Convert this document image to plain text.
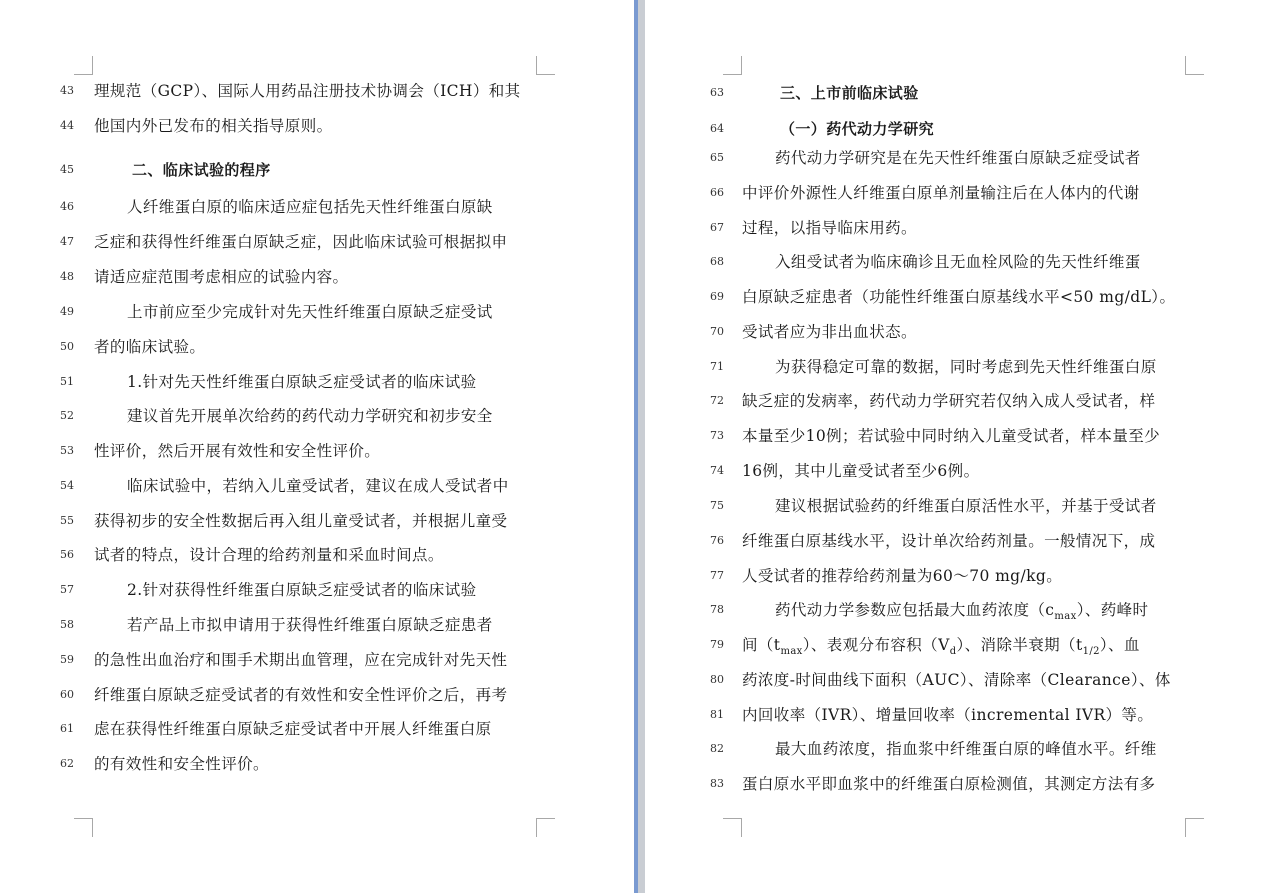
43	理规范（GCP）、国际人用药品注册技术协调会（ICH）和其
44	他国内外已发布的相关指导原则。
45	二、临床试验的程序
46	人纤维蛋白原的临床适应症包括先天性纤维蛋白原缺
47	乏症和获得性纤维蛋白原缺乏症，因此临床试验可根据拟申
48	请适应症范围考虑相应的试验内容。
49	上市前应至少完成针对先天性纤维蛋白原缺乏症受试
50	者的临床试验。
51	1.针对先天性纤维蛋白原缺乏症受试者的临床试验
52	建议首先开展单次给药的药代动力学研究和初步安全
53	性评价，然后开展有效性和安全性评价。
54	临床试验中，若纳入儿童受试者，建议在成人受试者中
55	获得初步的安全性数据后再入组儿童受试者，并根据儿童受
56	试者的特点，设计合理的给药剂量和采血时间点。
57	2.针对获得性纤维蛋白原缺乏症受试者的临床试验
58	若产品上市拟申请用于获得性纤维蛋白原缺乏症患者
59	的急性出血治疗和围手术期出血管理，应在完成针对先天性
60	纤维蛋白原缺乏症受试者的有效性和安全性评价之后，再考
61	虑在获得性纤维蛋白原缺乏症受试者中开展人纤维蛋白原
62	的有效性和安全性评价。
63	三、上市前临床试验
64	（一）药代动力学研究
65	药代动力学研究是在先天性纤维蛋白原缺乏症受试者
66	中评价外源性人纤维蛋白原单剂量输注后在人体内的代谢
67	过程，以指导临床用药。
68	入组受试者为临床确诊且无血栓风险的先天性纤维蛋
69	白原缺乏症患者（功能性纤维蛋白原基线水平<50 mg/dL）。
70	受试者应为非出血状态。
71	为获得稳定可靠的数据，同时考虑到先天性纤维蛋白原
72	缺乏症的发病率，药代动力学研究若仅纳入成人受试者，样
73	本量至少10例；若试验中同时纳入儿童受试者，样本量至少
74	16例，其中儿童受试者至少6例。
75	建议根据试验药的纤维蛋白原活性水平，并基于受试者
76	纤维蛋白原基线水平，设计单次给药剂量。一般情况下，成
77	人受试者的推荐给药剂量为60～70 mg/kg。
78	药代动力学参数应包括最大血药浓度$(c_{max})$、药峰时
79	间$(t_{max})$、表观分布容积$(V_d)$、消除半衰期$(t_{1/2})$、血
80	药浓度-时间曲线下面积（AUC）、清除率（Clearance）、体
81	内回收率（IVR）、增量回收率（incremental IVR）等。
82	最大血药浓度，指血浆中纤维蛋白原的峰值水平。纤维
83	蛋白原水平即血浆中的纤维蛋白原检测值，其测定方法有多
